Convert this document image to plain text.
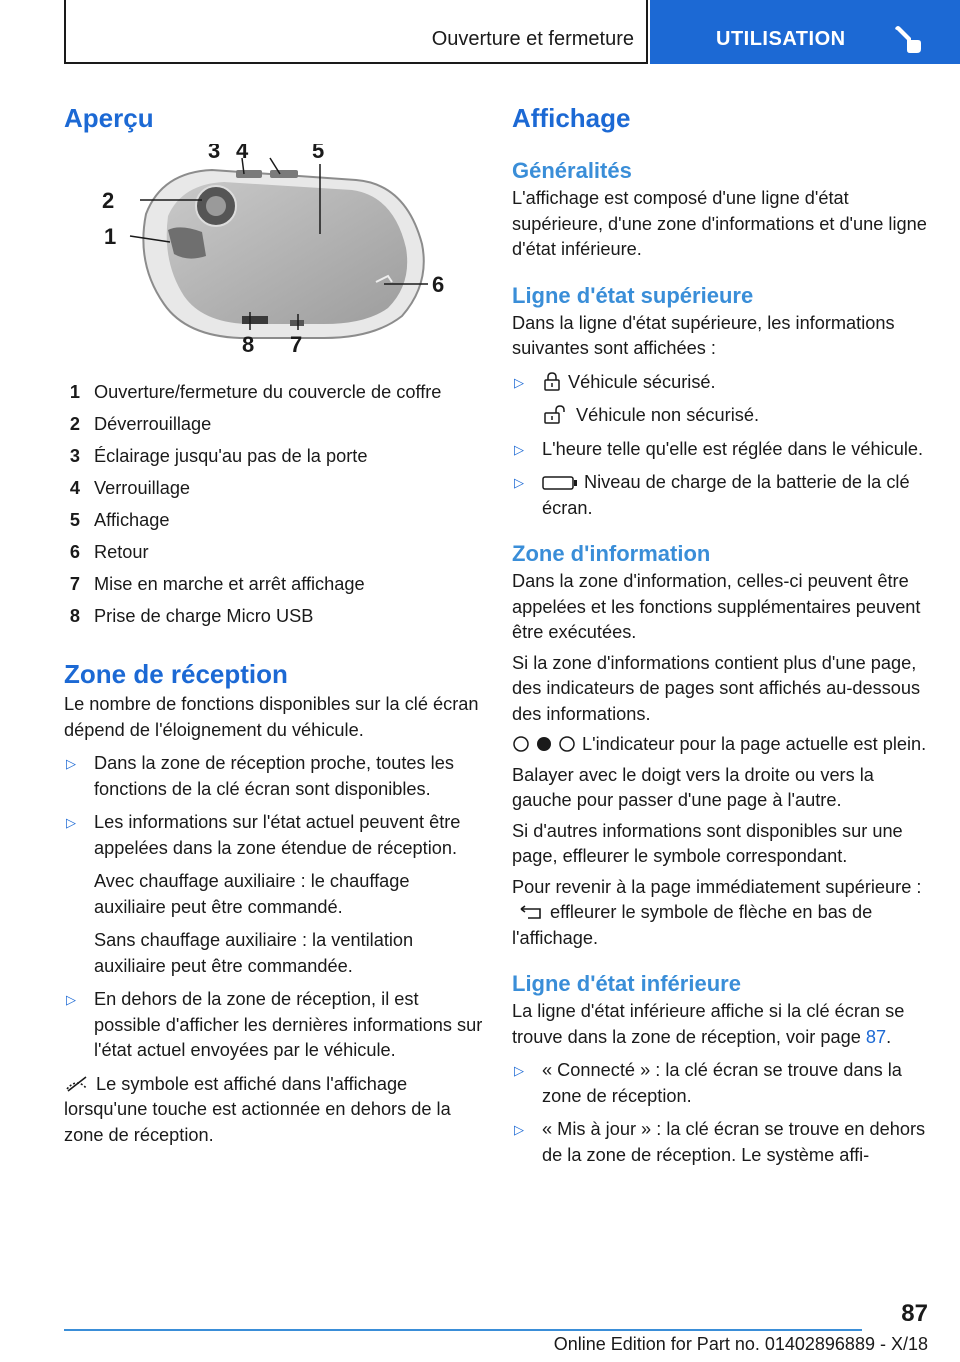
Ouverture et fermeture	UTILISATION
Aperçu
1
2
3 4	5
6
7
8
1 Ouverture/fermeture du couvercle de coffre
2 Déverrouillage
3 Éclairage jusqu'au pas de la porte
4 Verrouillage
5 Affichage
6 Retour
7 Mise en marche et arrêt affichage
8 Prise de charge Micro USB
Zone de réception

Le nombre de fonctions disponibles sur la clé écran dépend de l'éloignement du véhicule.

▷ Dans la zone de réception proche, toutes les fonctions de la clé écran sont disponibles.
▷ Les informations sur l'état actuel peuvent être appelées dans la zone étendue de réception.

Avec chauffage auxiliaire : le chauffage auxiliaire peut être commandé.

Sans chauffage auxiliaire : la ventilation auxiliaire peut être commandée.

▷ En dehors de la zone de réception, il est possible d'afficher les dernières informations sur l'état actuel envoyées par le véhicule.

Le symbole est affiché dans l'affichage lorsqu'une touche est actionnée en dehors de la zone de réception.

Affichage
Généralités

L'affichage est composé d'une ligne d'état supérieure, d'une zone d'informations et d'une ligne d'état inférieure.

Ligne d'état supérieure

Dans la ligne d'état supérieure, les informations suivantes sont affichées :

▷ Véhicule sécurisé.

Véhicule non sécurisé.

▷ L'heure telle qu'elle est réglée dans le véhicule.
▷ Niveau de charge de la batterie de la clé écran.
Zone d'information

Dans la zone d'information, celles-ci peuvent être appelées et les fonctions supplémentaires peuvent être exécutées.

Si la zone d'informations contient plus d'une page, des indicateurs de pages sont affichés au-dessous des informations.

L'indicateur pour la page actuelle est plein.

Balayer avec le doigt vers la droite ou vers la gauche pour passer d'une page à l'autre.

Si d'autres informations sont disponibles sur une page, effleurer le symbole correspondant.

Pour revenir à la page immédiatement supérieure : effleurer le symbole de flèche en bas de l'affichage.

Ligne d'état inférieure

La ligne d'état inférieure affiche si la clé écran se trouve dans la zone de réception, voir page 87.

▷ « Connecté » : la clé écran se trouve dans la zone de réception.
▷ « Mis à jour » : la clé écran se trouve en dehors de la zone de réception. Le système affi-
87
Online Edition for Part no. 01402896889 - X/18
